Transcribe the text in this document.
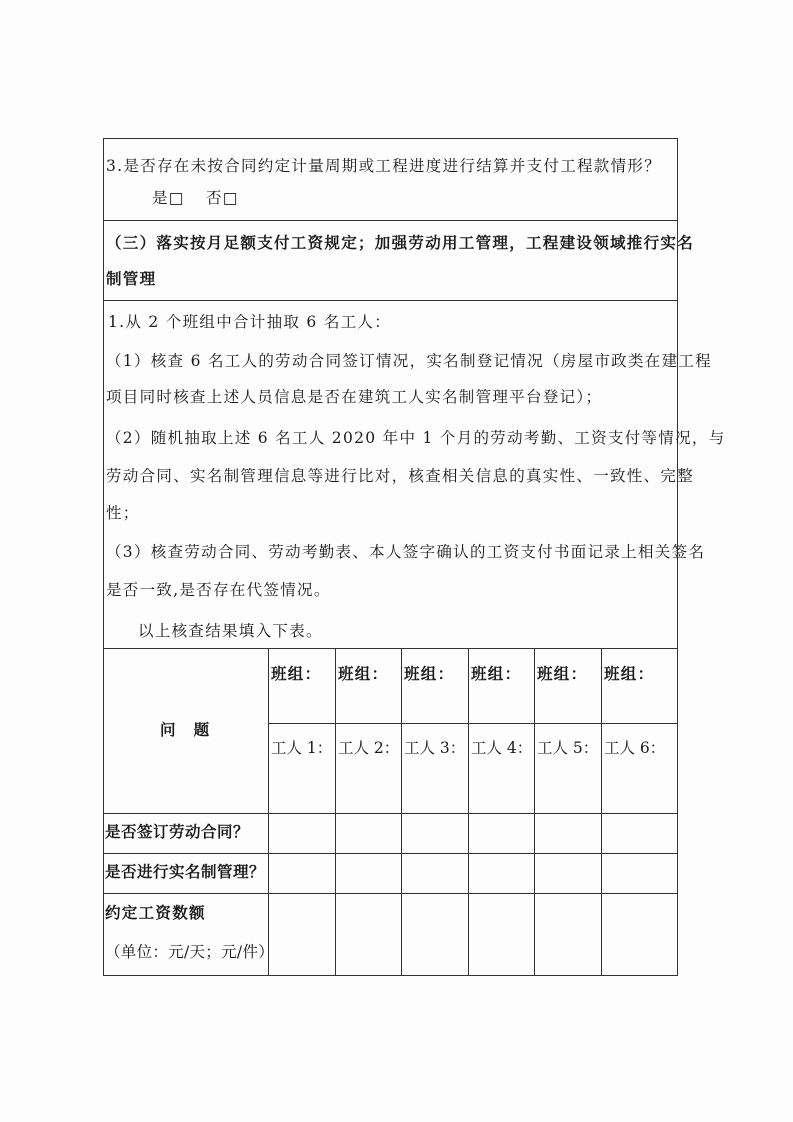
3.是否存在未按合同约定计量周期或工程进度进行结算并支付工程款情形？
是□ 否□
（三）落实按月足额支付工资规定；加强劳动用工管理，工程建设领域推行实名
制管理
1.从 2 个班组中合计抽取 6 名工人：
（1）核查 6 名工人的劳动合同签订情况，实名制登记情况（房屋市政类在建工程
项目同时核查上述人员信息是否在建筑工人实名制管理平台登记）；
（2）随机抽取上述 6 名工人 2020 年中 1 个月的劳动考勤、工资支付等情况，与
劳动合同、实名制管理信息等进行比对，核查相关信息的真实性、一致性、完整
性；
（3）核查劳动合同、劳动考勤表、本人签字确认的工资支付书面记录上相关签名
是否一致,是否存在代签情况。
以上核查结果填入下表。
问　题
班组： 班组： 班组： 班组： 班组： 班组：
工人 1： 工人 2： 工人 3： 工人 4： 工人 5： 工人 6：
是否签订劳动合同？
是否进行实名制管理？
约定工资数额
（单位：元/天；元/件）
